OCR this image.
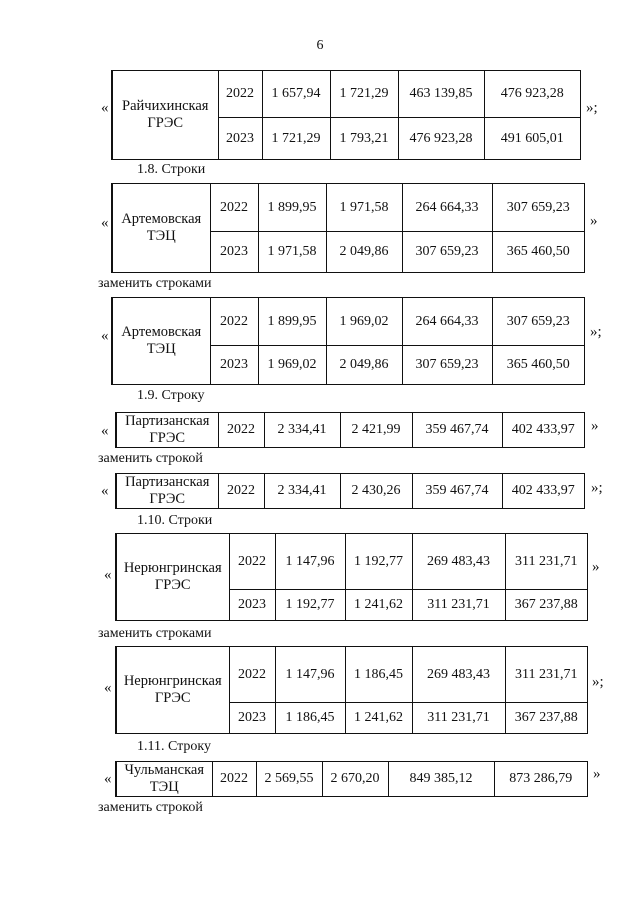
6
« Райчихинская ГРЭС	2022	1 657,94	1 721,29	463 139,85	476 923,28
	2023	1 721,29	1 793,21	476 923,28	491 605,01
»;
1.8. Строки
« Артемовская ТЭЦ	2022	1 899,95	1 971,58	264 664,33	307 659,23
	2023	1 971,58	2 049,86	307 659,23	365 460,50
»
заменить строками
« Артемовская ТЭЦ	2022	1 899,95	1 969,02	264 664,33	307 659,23
	2023	1 969,02	2 049,86	307 659,23	365 460,50
»;
1.9. Строку
«
Партизанская ГРЭС	2022	2 334,41	2 421,99	359 467,74	402 433,97 »
заменить строкой
«
Партизанская ГРЭС	2022	2 334,41	2 430,26	359 467,74	402 433,97 »;
1.10. Строки
« Нерюнгринская ГРЭС	2022	1 147,96	1 192,77	269 483,43	311 231,71
	2023	1 192,77	1 241,62	311 231,71	367 237,88
»
заменить строками
« Нерюнгринская ГРЭС	2022	1 147,96	1 186,45	269 483,43	311 231,71
	2023	1 186,45	1 241,62	311 231,71	367 237,88
»;
1.11. Строку
«
Чульманская ТЭЦ	2022	2 569,55	2 670,20	849 385,12	873 286,79 »
заменить строкой
